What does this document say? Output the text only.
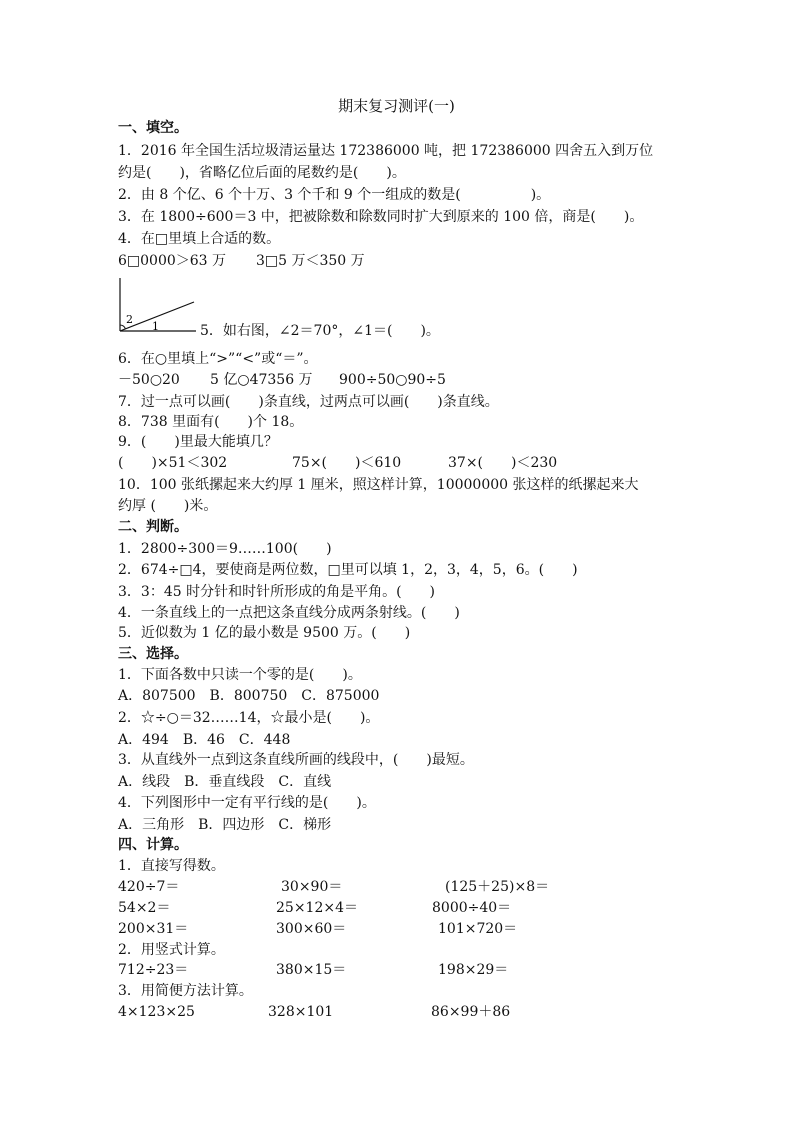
期末复习测评(一)
一、填空。
1．2016 年全国生活垃圾清运量达 172386000 吨，把 172386000 四舍五入到万位
约是(　　)，省略亿位后面的尾数约是(　　)。
2．由 8 个亿、6 个十万、3 个千和 9 个一组成的数是(　　　　　)。
3．在 1800÷600＝3 中，把被除数和除数同时扩大到原来的 100 倍，商是(　　)。
4．在□里填上合适的数。
6□0000＞63 万 3□5 万＜350 万
2
1	5．如右图，∠2＝70°，∠1＝(　　)。
6．在○里填上“>”“<”或“＝”。
－50○20 5 亿○47356 万 900÷50○90÷5
7．过一点可以画(　　)条直线，过两点可以画(　　)条直线。
8．738 里面有(　　)个 18。
9．(　　)里最大能填几？
(　　)×51＜302	75×(　　)＜610	37×(　　)＜230
10．100 张纸摞起来大约厚 1 厘米，照这样计算，10000000 张这样的纸摞起来大
约厚 (　　)米。
二、判断。
1．2800÷300＝9……100(　　)
2．674÷□4，要使商是两位数，□里可以填 1，2，3，4，5，6。(　　)
3．3：45 时分针和时针所形成的角是平角。(　　)
4．一条直线上的一点把这条直线分成两条射线。(　　)
5．近似数为 1 亿的最小数是 9500 万。(　　)
三、选择。
1．下面各数中只读一个零的是(　　)。
A．807500　B．800750　C．875000
2．☆÷○＝32……14，☆最小是(　　)。
A．494　B．46　C．448
3．从直线外一点到这条直线所画的线段中，(　　)最短。
A．线段　B．垂直线段　C．直线
4．下列图形中一定有平行线的是(　　)。
A．三角形　B．四边形　C．梯形
四、计算。
1．直接写得数。
420÷7＝	30×90＝	(125＋25)×8＝
54×2＝	25×12×4＝	8000÷40＝
200×31＝	300×60＝	101×720＝
2．用竖式计算。
712÷23＝	380×15＝	198×29＝
3．用简便方法计算。
4×123×25	328×101	86×99＋86
